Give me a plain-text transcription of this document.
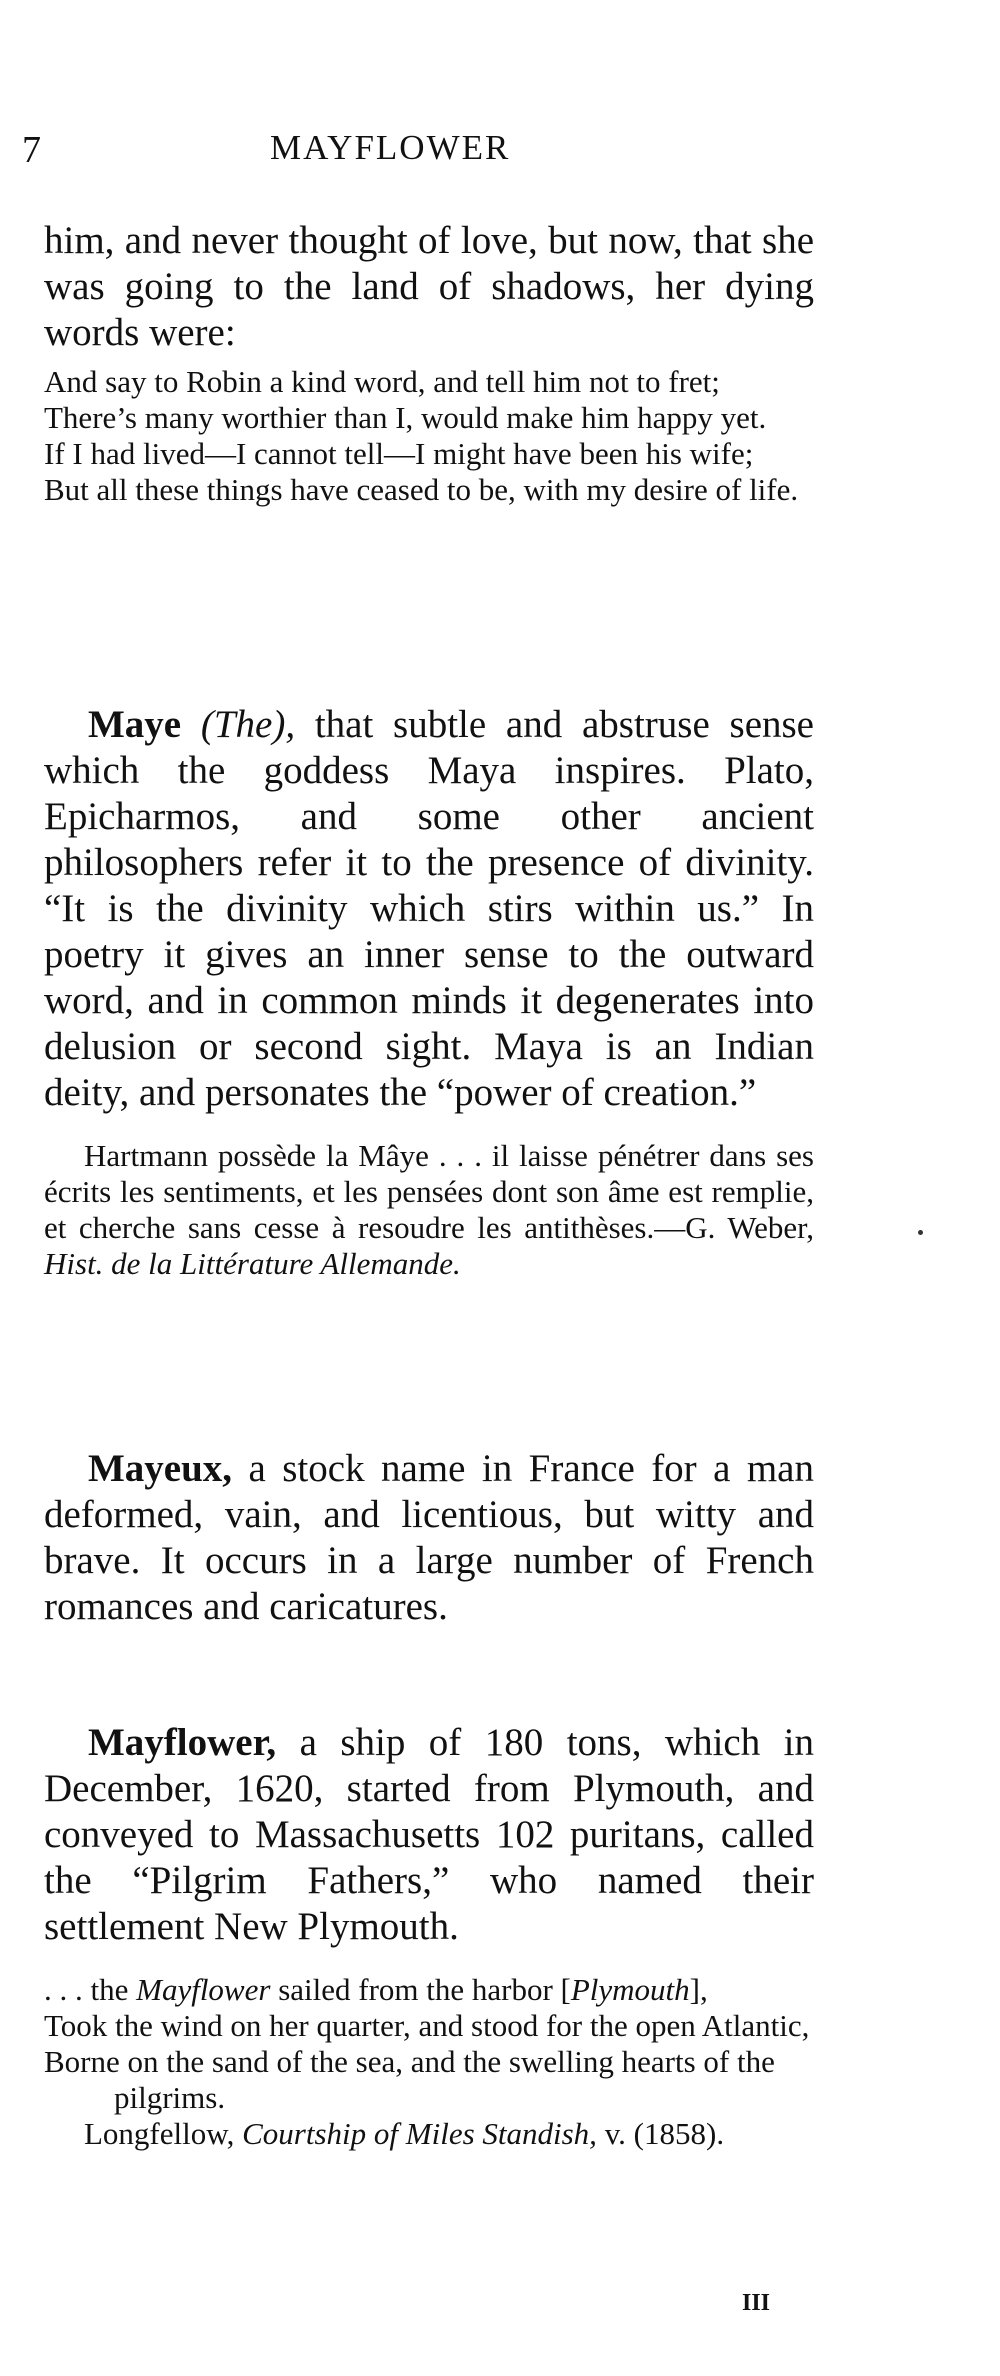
7	MAYFLOWER
him, and never thought of love, but now, that she was going to the land of shadows, her dying words were:
And say to Robin a kind word, and tell him not to fret;
There’s many worthier than I, would make him happy yet.
If I had lived—I cannot tell—I might have been his wife;
But all these things have ceased to be, with my desire of life.
Maye (The), that subtle and abstruse sense which the goddess Maya inspires. Plato, Epicharmos, and some other ancient philosophers refer it to the presence of divinity. “It is the divinity which stirs within us.” In poetry it gives an inner sense to the outward word, and in common minds it degenerates into delusion or second sight. Maya is an Indian deity, and personates the “power of creation.”
Hartmann possède la Mâye . . . il laisse pénétrer dans ses écrits les sentiments, et les pensées dont son âme est remplie, et cherche sans cesse à resoudre les antithèses.—G. Weber, Hist. de la Littérature Allemande.
Mayeux, a stock name in France for a man deformed, vain, and licentious, but witty and brave. It occurs in a large number of French romances and caricatures.
Mayflower, a ship of 180 tons, which in December, 1620, started from Plymouth, and conveyed to Massachusetts 102 puritans, called the “Pilgrim Fathers,” who named their settlement New Plymouth.
. . . the Mayflower sailed from the harbor [Plymouth],
Took the wind on her quarter, and stood for the open Atlantic,
Borne on the sand of the sea, and the swelling hearts of the pilgrims.
Longfellow, Courtship of Miles Standish, v. (1858).
III
